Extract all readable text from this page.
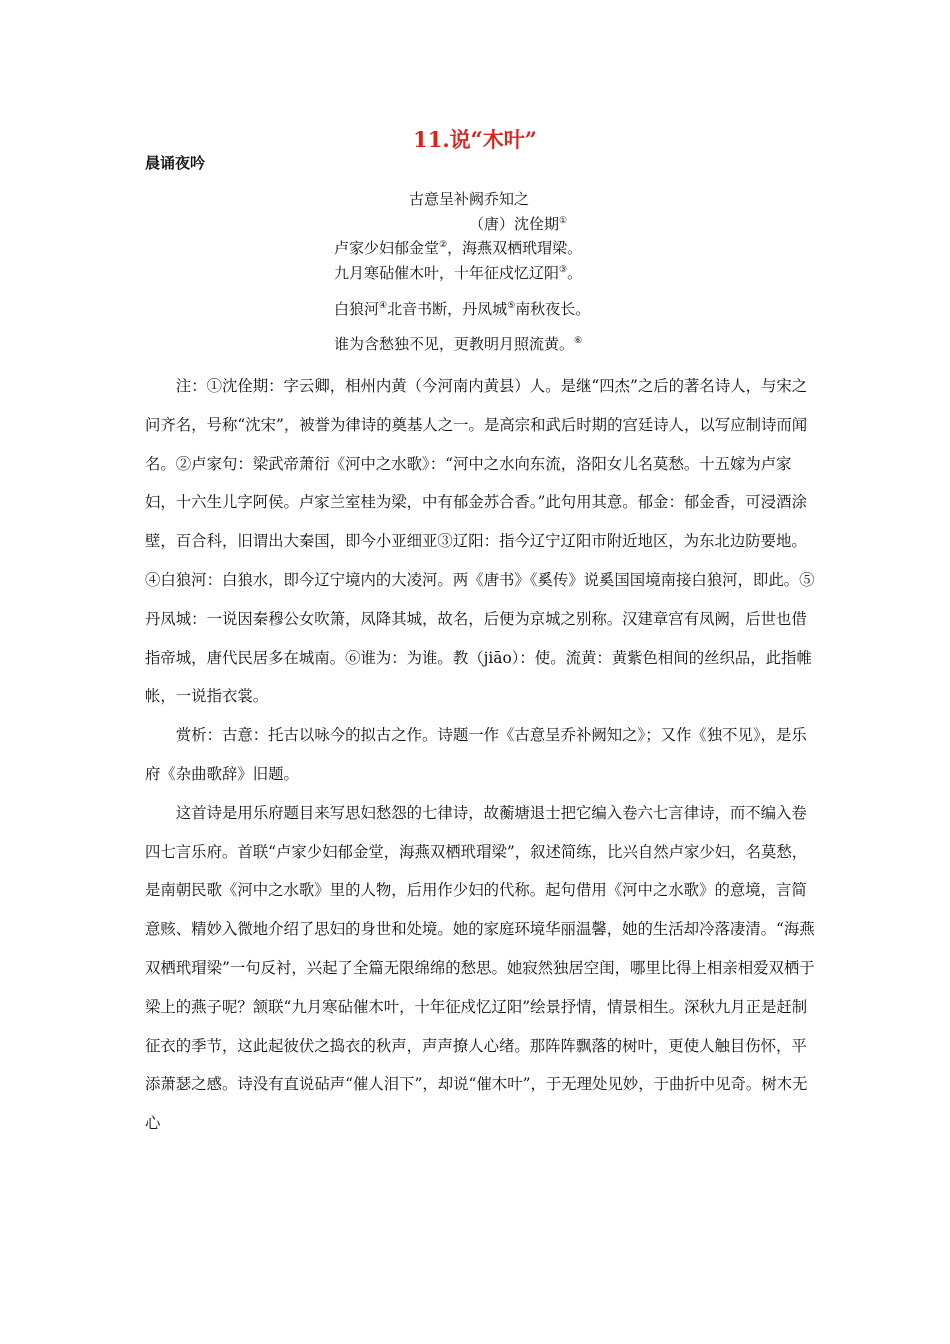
11.说“木叶”
晨诵夜吟
古意呈补阙乔知之
（唐）沈佺期①
卢家少妇郁金堂②，海燕双栖玳瑁梁。
九月寒砧催木叶，十年征戍忆辽阳③。
白狼河④北音书断，丹凤城⑤南秋夜长。
谁为含愁独不见，更教明月照流黄。⑥

注：①沈佺期：字云卿，相州内黄（今河南内黄县）人。是继“四杰”之后的著名诗人，与宋之问齐名，号称“沈宋”，被誉为律诗的奠基人之一。是高宗和武后时期的宫廷诗人，以写应制诗而闻名。②卢家句：梁武帝萧衍《河中之水歌》：“河中之水向东流，洛阳女儿名莫愁。十五嫁为卢家妇，十六生儿字阿侯。卢家兰室桂为梁，中有郁金苏合香。”此句用其意。郁金：郁金香，可浸酒涂壁，百合科，旧谓出大秦国，即今小亚细亚③辽阳：指今辽宁辽阳市附近地区，为东北边防要地。④白狼河：白狼水，即今辽宁境内的大凌河。两《唐书》《奚传》说奚国国境南接白狼河，即此。⑤丹凤城：一说因秦穆公女吹箫，凤降其城，故名，后便为京城之别称。汉建章宫有凤阙，后世也借指帝城，唐代民居多在城南。⑥谁为：为谁。教（jiāo）：使。流黄：黄紫色相间的丝织品，此指帷帐，一说指衣裳。

赏析：古意：托古以咏今的拟古之作。诗题一作《古意呈乔补阙知之》；又作《独不见》，是乐府《杂曲歌辞》旧题。

这首诗是用乐府题目来写思妇愁怨的七律诗，故蘅塘退士把它编入卷六七言律诗，而不编入卷四七言乐府。首联“卢家少妇郁金堂，海燕双栖玳瑁梁”，叙述简练，比兴自然卢家少妇，名莫愁，是南朝民歌《河中之水歌》里的人物，后用作少妇的代称。起句借用《河中之水歌》的意境，言简意赅、精妙入微地介绍了思妇的身世和处境。她的家庭环境华丽温馨，她的生活却冷落凄清。“海燕双栖玳瑁梁”一句反衬，兴起了全篇无限绵绵的愁思。她寂然独居空闺，哪里比得上相亲相爱双栖于梁上的燕子呢？颔联“九月寒砧催木叶，十年征戍忆辽阳”绘景抒情，情景相生。深秋九月正是赶制征衣的季节，这此起彼伏之捣衣的秋声，声声撩人心绪。那阵阵飘落的树叶，更使人触目伤怀，平添萧瑟之感。诗没有直说砧声“催人泪下”，却说“催木叶”，于无理处见妙，于曲折中见奇。树木无心
